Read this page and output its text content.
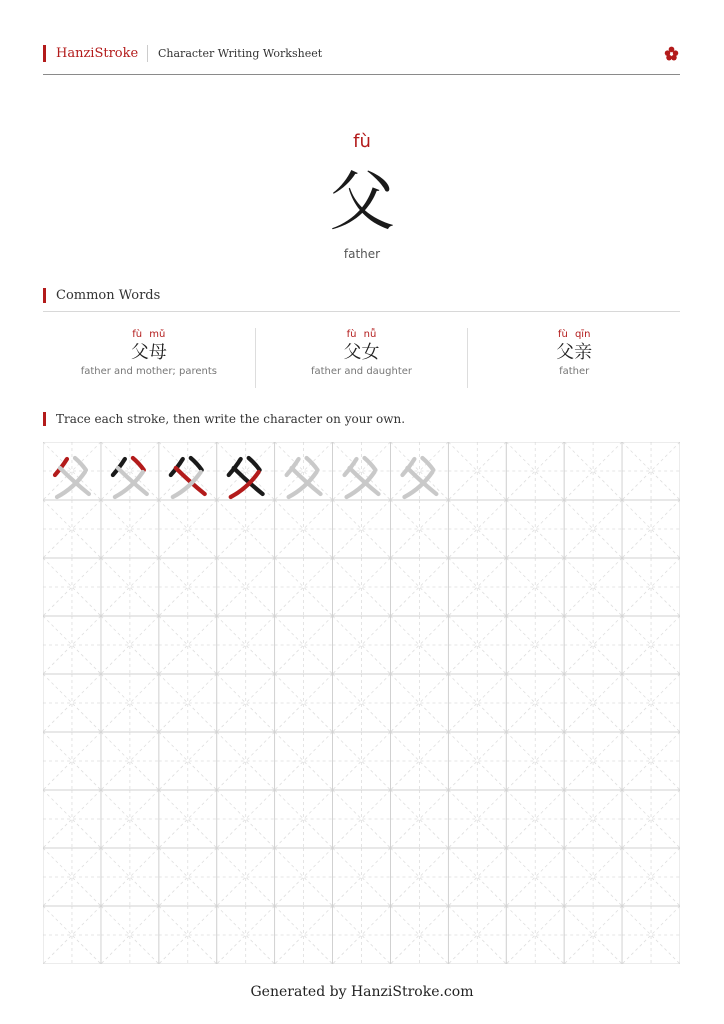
HanziStroke Character Writing Worksheet
fù
父
father
Common Words
fù mǔ
父母
father and mother; parents
fù nǚ
父女
father and daughter
fù qīn
父亲
father
Trace each stroke, then write the character on your own.
Generated by HanziStroke.com
